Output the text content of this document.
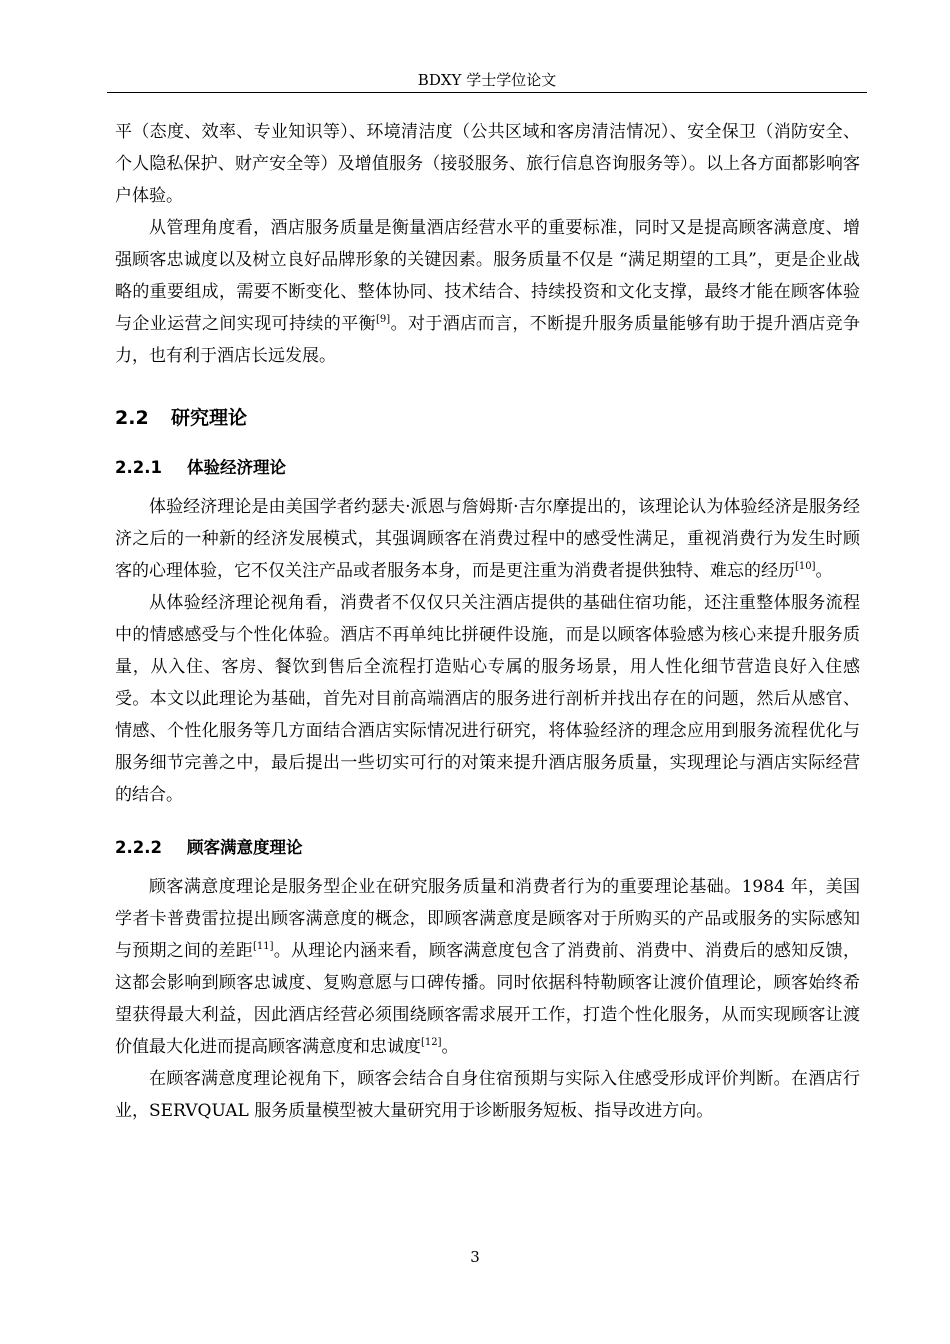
BDXY 学士学位论文

平（态度、效率、专业知识等）、环境清洁度（公共区域和客房清洁情况）、安全保卫（消防安全、个人隐私保护、财产安全等）及增值服务（接驳服务、旅行信息咨询服务等）。以上各方面都影响客户体验。

从管理角度看，酒店服务质量是衡量酒店经营水平的重要标准，同时又是提高顾客满意度、增强顾客忠诚度以及树立良好品牌形象的关键因素。服务质量不仅是 “满足期望的工具”，更是企业战略的重要组成，需要不断变化、整体协同、技术结合、持续投资和文化支撑，最终才能在顾客体验与企业运营之间实现可持续的平衡[9]。对于酒店而言，不断提升服务质量能够有助于提升酒店竞争力，也有利于酒店长远发展。

2.2 研究理论
2.2.1 体验经济理论

体验经济理论是由美国学者约瑟夫·派恩与詹姆斯·吉尔摩提出的，该理论认为体验经济是服务经济之后的一种新的经济发展模式，其强调顾客在消费过程中的感受性满足，重视消费行为发生时顾客的心理体验，它不仅关注产品或者服务本身，而是更注重为消费者提供独特、难忘的经历[10]。

从体验经济理论视角看，消费者不仅仅只关注酒店提供的基础住宿功能，还注重整体服务流程中的情感感受与个性化体验。酒店不再单纯比拼硬件设施，而是以顾客体验感为核心来提升服务质量，从入住、客房、餐饮到售后全流程打造贴心专属的服务场景，用人性化细节营造良好入住感受。本文以此理论为基础，首先对目前高端酒店的服务进行剖析并找出存在的问题，然后从感官、情感、个性化服务等几方面结合酒店实际情况进行研究，将体验经济的理念应用到服务流程优化与服务细节完善之中，最后提出一些切实可行的对策来提升酒店服务质量，实现理论与酒店实际经营的结合。

2.2.2 顾客满意度理论

顾客满意度理论是服务型企业在研究服务质量和消费者行为的重要理论基础。1984 年，美国学者卡普费雷拉提出顾客满意度的概念，即顾客满意度是顾客对于所购买的产品或服务的实际感知与预期之间的差距[11]。从理论内涵来看，顾客满意度包含了消费前、消费中、消费后的感知反馈，这都会影响到顾客忠诚度、复购意愿与口碑传播。同时依据科特勒顾客让渡价值理论，顾客始终希望获得最大利益，因此酒店经营必须围绕顾客需求展开工作，打造个性化服务，从而实现顾客让渡价值最大化进而提高顾客满意度和忠诚度[12]。

在顾客满意度理论视角下，顾客会结合自身住宿预期与实际入住感受形成评价判断。在酒店行业，SERVQUAL 服务质量模型被大量研究用于诊断服务短板、指导改进方向。

3
